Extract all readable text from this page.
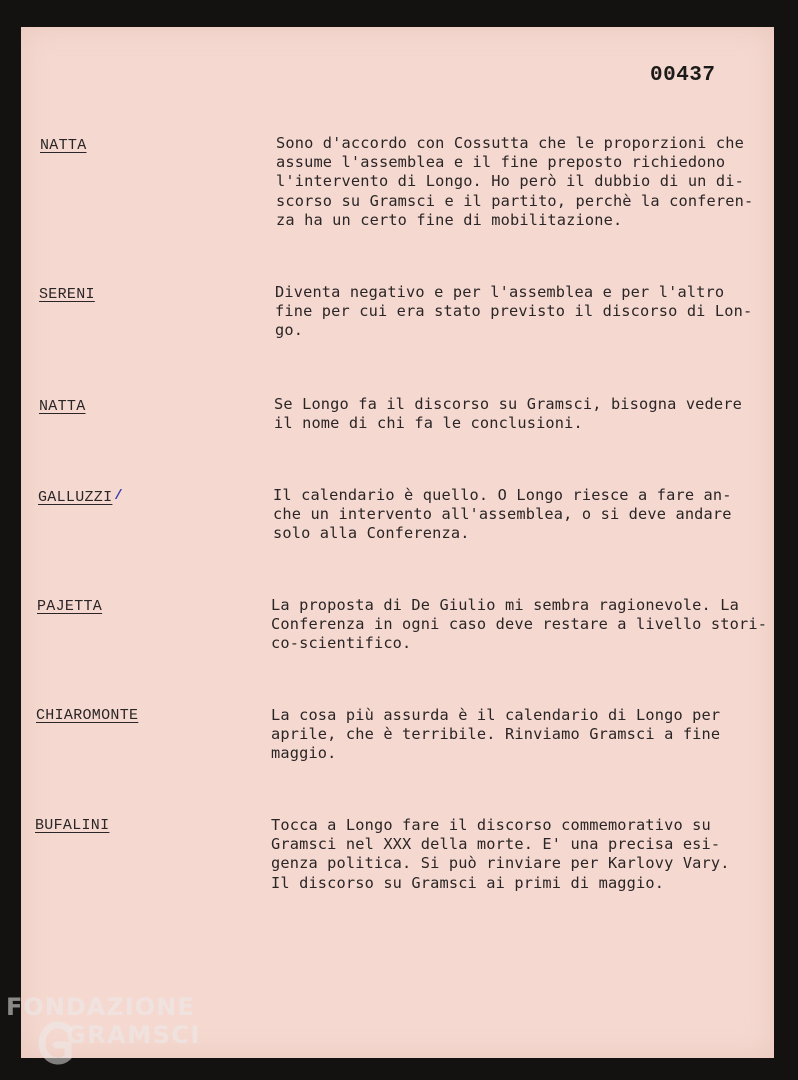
00437
NATTA	Sono d'accordo con Cossutta che le proporzioni che
assume l'assemblea e il fine preposto richiedono
l'intervento di Longo. Ho però il dubbio di un di-
scorso su Gramsci e il partito, perchè la conferen-
za ha un certo fine di mobilitazione.
SERENI	Diventa negativo e per l'assemblea e per l'altro
fine per cui era stato previsto il discorso di Lon-
go.
NATTA	Se Longo fa il discorso su Gramsci, bisogna vedere
il nome di chi fa le conclusioni.
GALLUZZI	Il calendario è quello. O Longo riesce a fare an-
che un intervento all'assemblea, o si deve andare
solo alla Conferenza.
PAJETTA	La proposta di De Giulio mi sembra ragionevole. La
Conferenza in ogni caso deve restare a livello stori-
co-scientifico.
CHIAROMONTE	La cosa più assurda è il calendario di Longo per
aprile, che è terribile. Rinviamo Gramsci a fine
maggio.
BUFALINI	Tocca a Longo fare il discorso commemorativo su
Gramsci nel XXX della morte. E' una precisa esi-
genza politica. Si può rinviare per Karlovy Vary.
Il discorso su Gramsci ai primi di maggio.
/
FONDAZIONE
GRAMSCI
